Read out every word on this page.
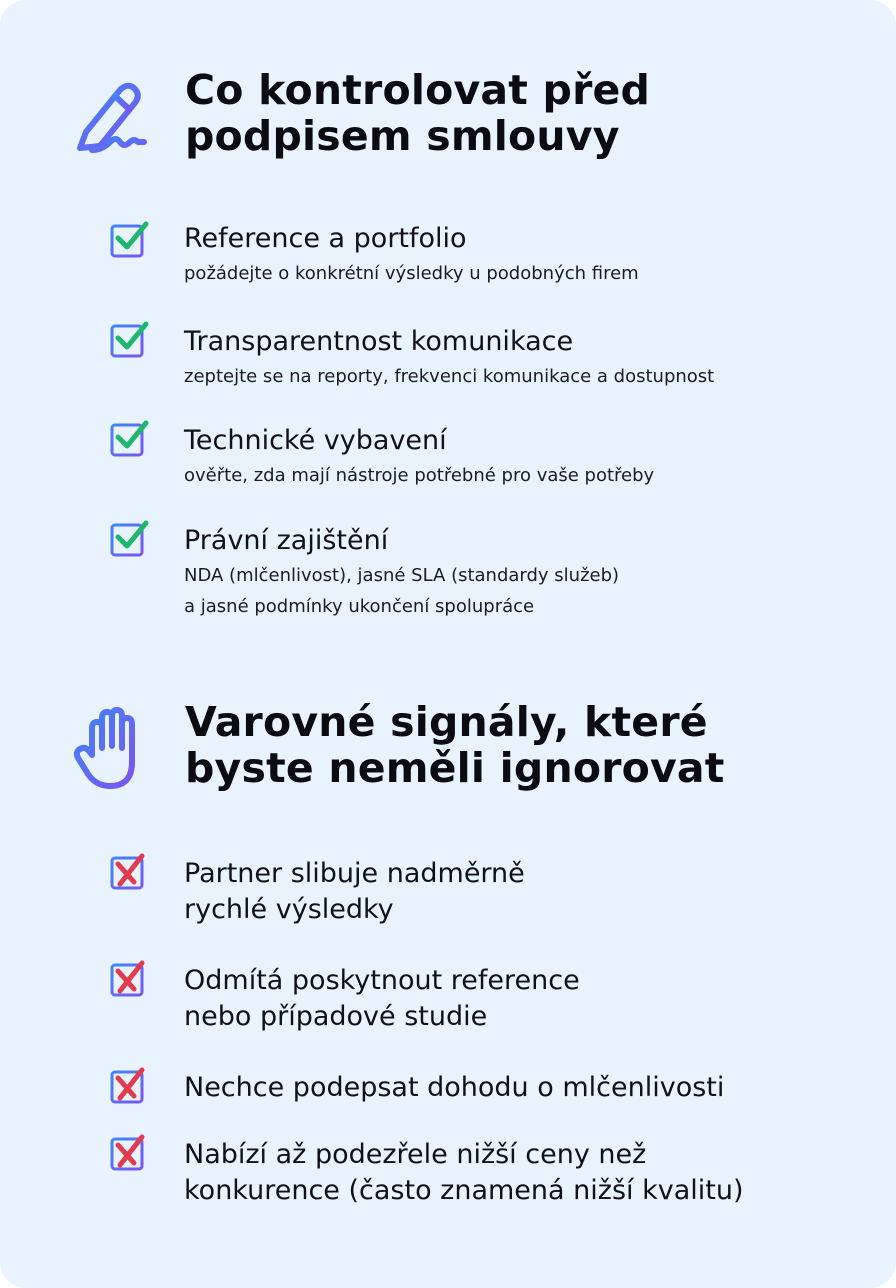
Co kontrolovat před
podpisem smlouvy
Reference a portfolio
požádejte o konkrétní výsledky u podobných firem
Transparentnost komunikace
zeptejte se na reporty, frekvenci komunikace a dostupnost
Technické vybavení
ověřte, zda mají nástroje potřebné pro vaše potřeby
Právní zajištění
NDA (mlčenlivost), jasné SLA (standardy služeb)
a jasné podmínky ukončení spolupráce
Varovné signály, které
byste neměli ignorovat
Partner slibuje nadměrně
rychlé výsledky
Odmítá poskytnout reference
nebo případové studie
Nechce podepsat dohodu o mlčenlivosti
Nabízí až podezřele nižší ceny než
konkurence (často znamená nižší kvalitu)
